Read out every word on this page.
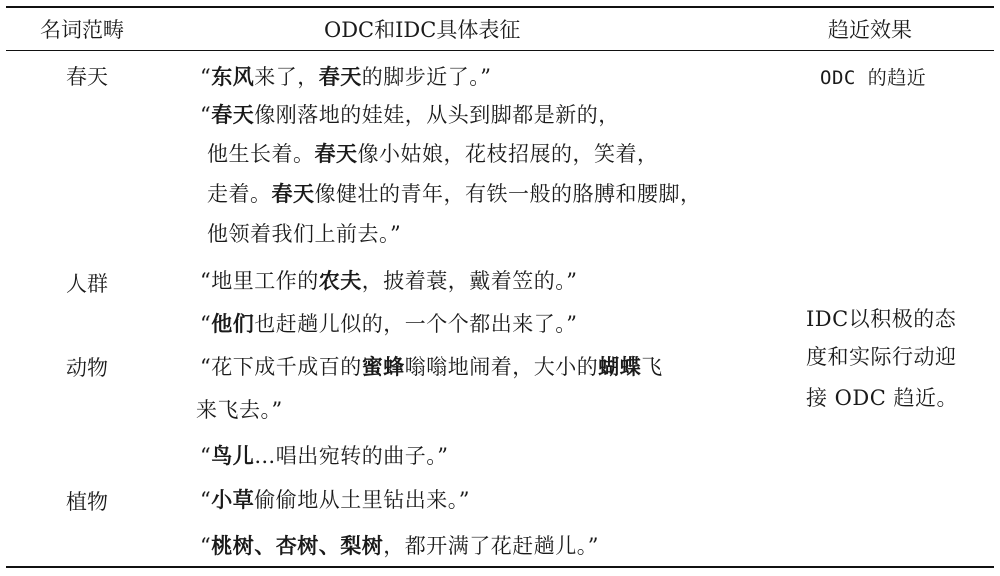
名词范畴	ODC和IDC具体表征	趋近效果
春天
人群
动物
植物
“东风来了，春天的脚步近了。”
“春天像刚落地的娃娃，从头到脚都是新的，
他生长着。春天像小姑娘，花枝招展的，笑着，
走着。春天像健壮的青年，有铁一般的胳膊和腰脚，
他领着我们上前去。”
“地里工作的农夫，披着蓑，戴着笠的。”
“他们也赶趟儿似的，一个个都出来了。”
“花下成千成百的蜜蜂嗡嗡地闹着，大小的蝴蝶飞
来飞去。”
“鸟儿…唱出宛转的曲子。”
“小草偷偷地从土里钻出来。”
“桃树、杏树、梨树，都开满了花赶趟儿。”
ODC 的趋近
IDC以积极的态
度和实际行动迎
接 ODC 趋近。
